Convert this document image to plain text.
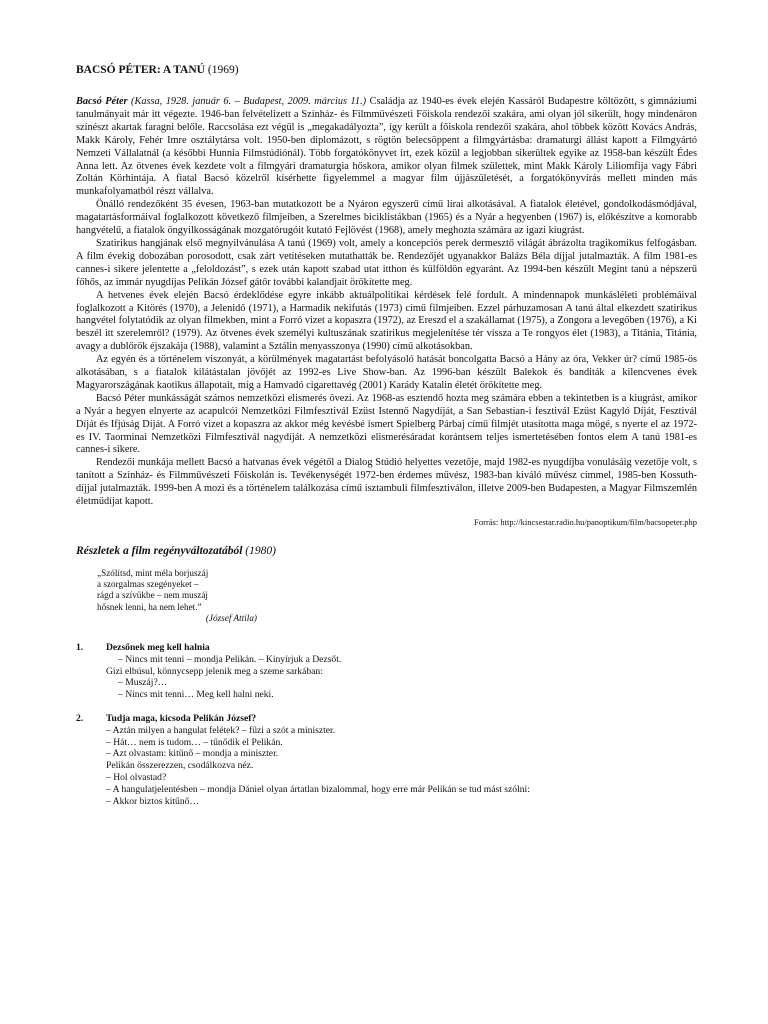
BACSÓ PÉTER: A TANÚ (1969)

Bacsó Péter (Kassa, 1928. január 6. – Budapest, 2009. március 11.) Családja az 1940-es évek elején Kassáról Budapestre költözött, s gimnáziumi tanulmányait már itt végezte. 1946-ban felvételizett a Színház- és Filmművészeti Főiskola rendezői szakára, ami olyan jól sikerült, hogy mindenáron színészt akartak faragni belőle. Raccsolása ezt végül is „megakadályozta”, így került a főiskola rendezői szakára, ahol többek között Kovács András, Makk Károly, Fehér Imre osztálytársa volt. 1950-ben diplomázott, s rögtön belecsöppent a filmgyártásba: dramaturgi állást kapott a Filmgyártó Nemzeti Vállalatnál (a későbbi Hunnia Filmstúdiónál). Több forgatókönyvet írt, ezek közül a legjobban sikerültek egyike az 1958-ban készült Édes Anna lett. Az ötvenes évek kezdete volt a filmgyári dramaturgia hőskora, amikor olyan filmek születtek, mint Makk Károly Liliomfija vagy Fábri Zoltán Körhintája. A fiatal Bacsó közelről kísérhette figyelemmel a magyar film újjászületését, a forgatókönyvírás mellett minden más munkafolyamatból részt vállalva.

Önálló rendezőként 35 évesen, 1963-ban mutatkozott be a Nyáron egyszerű című lírai alkotásával. A fiatalok életével, gondolkodásmódjával, magatartásformáival foglalkozott következő filmjeiben, a Szerelmes biciklistákban (1965) és a Nyár a hegyenben (1967) is, előkészítve a komorabb hangvételű, a fiatalok öngyilkosságának mozgatórugóit kutató Fejlövést (1968), amely meghozta számára az igazi kiugrást.

Szatirikus hangjának első megnyilvánulása A tanú (1969) volt, amely a koncepciós perek dermesztő világát ábrázolta tragikomikus felfogásban. A film évekig dobozában porosodott, csak zárt vetítéseken mutathatták be. Rendezőjét ugyanakkor Balázs Béla díjjal jutalmazták. A film 1981-es cannes-i sikere jelentette a „feloldozást”, s ezek után kapott szabad utat itthon és külföldön egyaránt. Az 1994-ben készült Megint tanú a népszerű főhős, az immár nyugdíjas Pelikán József gátőr további kalandjait örökítette meg.

A hetvenes évek elején Bacsó érdeklődése egyre inkább aktuálpolitikai kérdések felé fordult. A mindennapok munkásléleti problémáival foglalkozott a Kitörés (1970), a Jelenidő (1971), a Harmadik nekifutás (1973) című filmjeiben. Ezzel párhuzamosan A tanú által elkezdett szatirikus hangvétel folytatódik az olyan filmekben, mint a Forró vizet a kopaszra (1972), az Ereszd el a szakállamat (1975), a Zongora a levegőben (1976), a Ki beszél itt szerelemről? (1979). Az ötvenes évek személyi kultuszának szatirikus megjelenítése tér vissza a Te rongyos élet (1983), a Titánia, Titánia, avagy a dublőrök éjszakája (1988), valamint a Sztálin menyasszonya (1990) című alkotásokban.

Az egyén és a történelem viszonyát, a körülmények magatartást befolyásoló hatását boncolgatta Bacsó a Hány az óra, Vekker úr? című 1985-ös alkotásában, s a fiatalok kilátástalan jövőjét az 1992-es Live Show-ban. Az 1996-ban készült Balekok és banditák a kilencvenes évek Magyarországának kaotikus állapotait, míg a Hamvadó cigarettavég (2001) Karády Katalin életét örökítette meg.

Bacsó Péter munkásságát számos nemzetközi elismerés övezi. Az 1968-as esztendő hozta meg számára ebben a tekintetben is a kiugrást, amikor a Nyár a hegyen elnyerte az acapulcói Nemzetközi Filmfesztivál Ezüst Istennő Nagydíját, a San Sebastian-i fesztivál Ezüst Kagyló Díját, Fesztivál Díját és Ifjúság Díját. A Forró vizet a kopaszra az akkor még kevésbé ismert Spielberg Párbaj című filmjét utasította maga mögé, s nyerte el az 1972-es IV. Taorminai Nemzetközi Filmfesztivál nagydíját. A nemzetközi elismerésáradat korántsem teljes ismertetésében fontos elem A tanú 1981-es cannes-i sikere.

Rendezői munkája mellett Bacsó a hatvanas évek végétől a Dialog Stúdió helyettes vezetője, majd 1982-es nyugdíjba vonulásáig vezetője volt, s tanított a Színház- és Filmművészeti Főiskolán is. Tevékenységét 1972-ben érdemes művész, 1983-ban kiváló művész címmel, 1985-ben Kossuth-díjjal jutalmazták. 1999-ben A mozi és a történelem találkozása című isztambuli filmfesztiválon, illetve 2009-ben Budapesten, a Magyar Filmszemlén életműdíjat kapott.

Forrás: http://kincsestar.radio.hu/panoptikum/film/bacsopeter.php
Részletek a film regényváltozatából (1980)
„Szólítsd, mint méla borjuszáj
a szorgalmas szegényeket –
rágd a szívükbe – nem muszáj
hősnek lenni, ha nem lehet.”
(József Attila)
1.	Dezsőnek meg kell halnia
– Nincs mit tenni – mondja Pelikán. – Kinyírjuk a Dezsőt.
Gizi elbúsul, könnycsepp jelenik meg a szeme sarkában:
– Muszáj?…
– Nincs mit tenni… Meg kell halni neki.
2.	Tudja maga, kicsoda Pelikán József?
– Aztán milyen a hangulat felétek? – fűzi a szót a miniszter.
– Hát… nem is tudom… – tűnődik el Pelikán.
– Azt olvastam: kitűnő – mondja a miniszter.
Pelikán összerezzen, csodálkozva néz.
– Hol olvastad?
– A hangulatjelentésben – mondja Dániel olyan ártatlan bizalommal, hogy erre már Pelikán se tud mást szólni:
– Akkor biztos kitűnő…
